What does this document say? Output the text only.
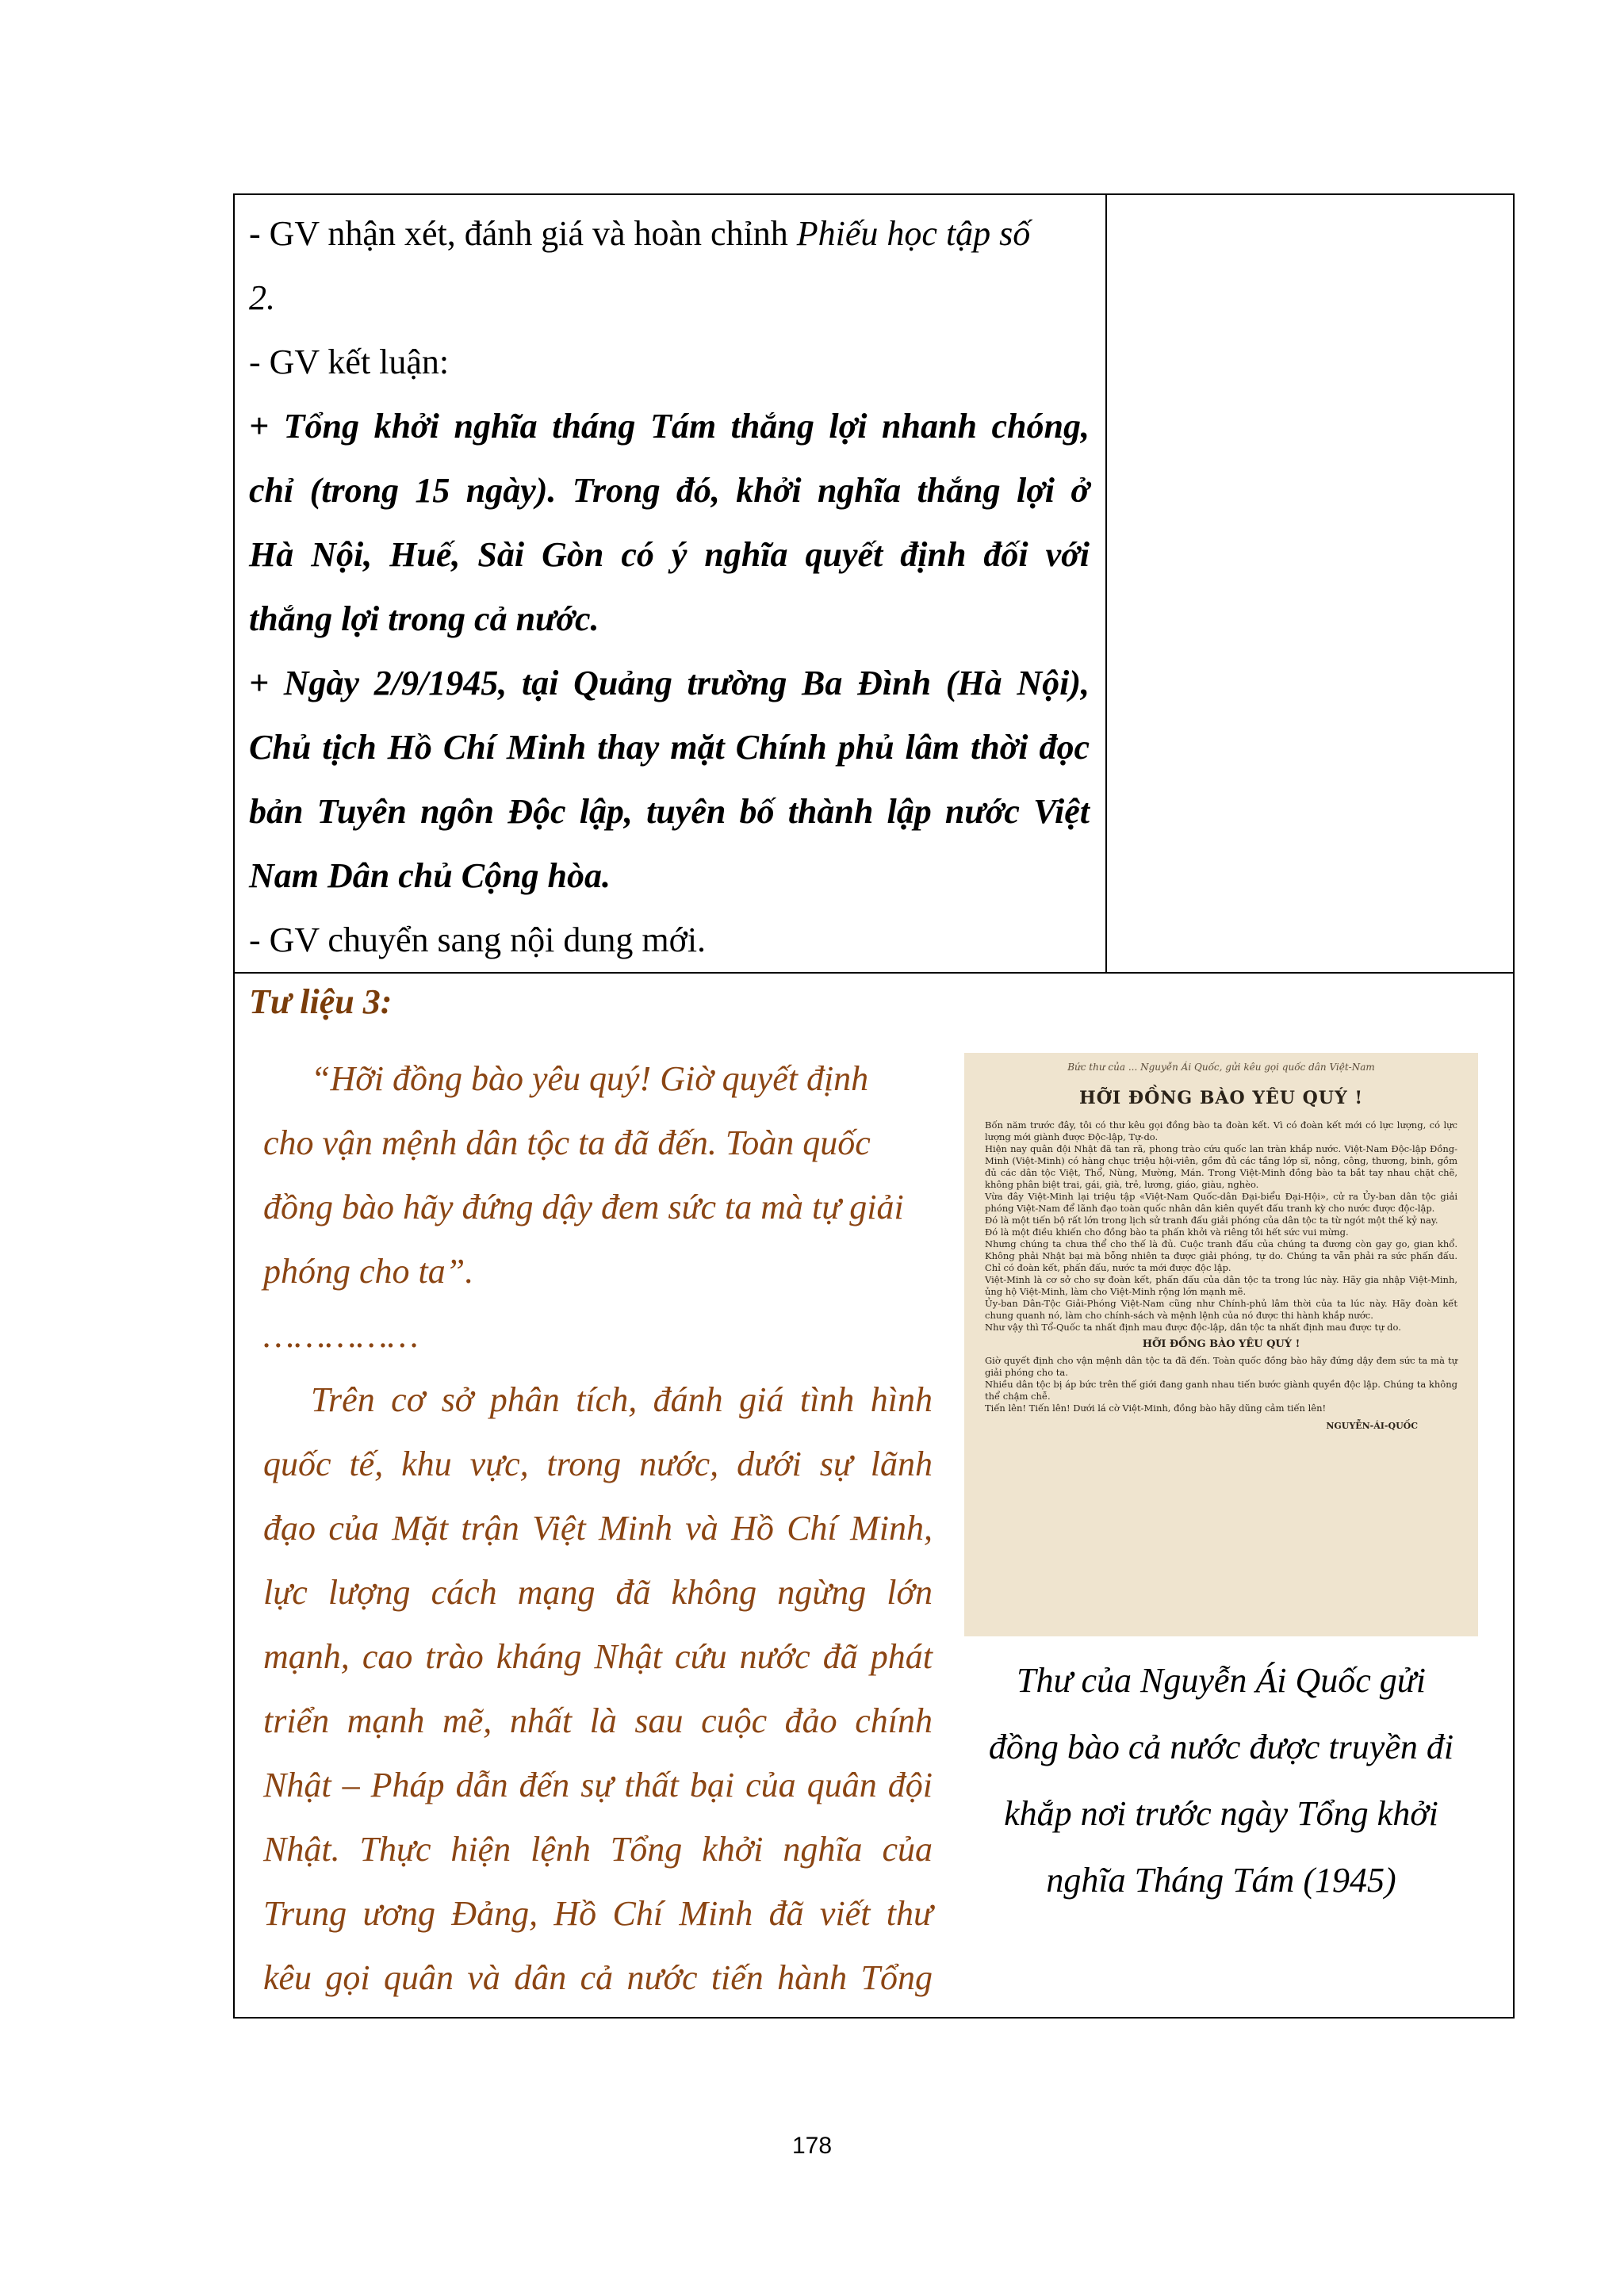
- GV nhận xét, đánh giá và hoàn chỉnh Phiếu học tập số
2.
- GV kết luận:
+ Tổng khởi nghĩa tháng Tám thắng lợi nhanh chóng,
chỉ (trong 15 ngày). Trong đó, khởi nghĩa thắng lợi ở
Hà Nội, Huế, Sài Gòn có ý nghĩa quyết định đối với
thắng lợi trong cả nước.
+ Ngày 2/9/1945, tại Quảng trường Ba Đình (Hà Nội),
Chủ tịch Hồ Chí Minh thay mặt Chính phủ lâm thời đọc
bản Tuyên ngôn Độc lập, tuyên bố thành lập nước Việt
Nam Dân chủ Cộng hòa.
- GV chuyển sang nội dung mới.
Tư liệu 3:
“Hỡi đồng bào yêu quý! Giờ quyết định
cho vận mệnh dân tộc ta đã đến. Toàn quốc
đồng bào hãy đứng dậy đem sức ta mà tự giải
phóng cho ta”.
……………
Trên cơ sở phân tích, đánh giá tình hình
quốc tế, khu vực, trong nước, dưới sự lãnh
đạo của Mặt trận Việt Minh và Hồ Chí Minh,
lực lượng cách mạng đã không ngừng lớn
mạnh, cao trào kháng Nhật cứu nước đã phát
triển mạnh mẽ, nhất là sau cuộc đảo chính
Nhật – Pháp dẫn đến sự thất bại của quân đội
Nhật. Thực hiện lệnh Tổng khởi nghĩa của
Trung ương Đảng, Hồ Chí Minh đã viết thư
kêu gọi quân và dân cả nước tiến hành Tổng
Bức thư của ... Nguyễn Ái Quốc, gửi kêu gọi quốc dân Việt-Nam
HỠI ĐỒNG BÀO YÊU QUÝ !
Bốn năm trước đây, tôi có thư kêu gọi đồng bào ta đoàn kết. Vì có đoàn kết mới có lực lượng, có lực lượng mới giành được Độc-lập, Tự-do.
Hiện nay quân đội Nhật đã tan rã, phong trào cứu quốc lan tràn khắp nước. Việt-Nam Độc-lập Đồng-Minh (Việt-Minh) có hàng chục triệu hội-viên, gồm đủ các tầng lớp sĩ, nông, công, thương, binh, gồm đủ các dân tộc Việt, Thổ, Nùng, Mường, Mán. Trong Việt-Minh đồng bào ta bắt tay nhau chặt chẽ, không phân biệt trai, gái, già, trẻ, lương, giáo, giàu, nghèo.
Vừa đây Việt-Minh lại triệu tập «Việt-Nam Quốc-dân Đại-biểu Đại-Hội», cử ra Ủy-ban dân tộc giải phóng Việt-Nam để lãnh đạo toàn quốc nhân dân kiên quyết đấu tranh kỳ cho nước được độc-lập.
Đó là một tiến bộ rất lớn trong lịch sử tranh đấu giải phóng của dân tộc ta từ ngót một thế kỷ nay.
Đó là một điều khiến cho đồng bào ta phấn khởi và riêng tôi hết sức vui mừng.
Nhưng chúng ta chưa thể cho thế là đủ. Cuộc tranh đấu của chúng ta đương còn gay go, gian khổ. Không phải Nhật bại mà bỗng nhiên ta được giải phóng, tự do. Chúng ta vẫn phải ra sức phấn đấu. Chỉ có đoàn kết, phấn đấu, nước ta mới được độc lập.
Việt-Minh là cơ sở cho sự đoàn kết, phấn đấu của dân tộc ta trong lúc này. Hãy gia nhập Việt-Minh, ủng hộ Việt-Minh, làm cho Việt-Minh rộng lớn mạnh mẽ.
Ủy-ban Dân-Tộc Giải-Phóng Việt-Nam cũng như Chính-phủ lâm thời của ta lúc này. Hãy đoàn kết chung quanh nó, làm cho chính-sách và mệnh lệnh của nó được thi hành khắp nước.
Như vậy thì Tổ-Quốc ta nhất định mau được độc-lập, dân tộc ta nhất định mau được tự do.
HỠI ĐỒNG BÀO YÊU QUÝ !
Giờ quyết định cho vận mệnh dân tộc ta đã đến. Toàn quốc đồng bào hãy đứng dậy đem sức ta mà tự giải phóng cho ta.
Nhiều dân tộc bị áp bức trên thế giới đang ganh nhau tiến bước giành quyền độc lập. Chúng ta không thể chậm chễ.
Tiến lên! Tiến lên! Dưới lá cờ Việt-Minh, đồng bào hãy dũng cảm tiến lên!
NGUYỄN-ÁI-QUỐC
Thư của Nguyễn Ái Quốc gửi
đồng bào cả nước được truyền đi
khắp nơi trước ngày Tổng khởi
nghĩa Tháng Tám (1945)
178
